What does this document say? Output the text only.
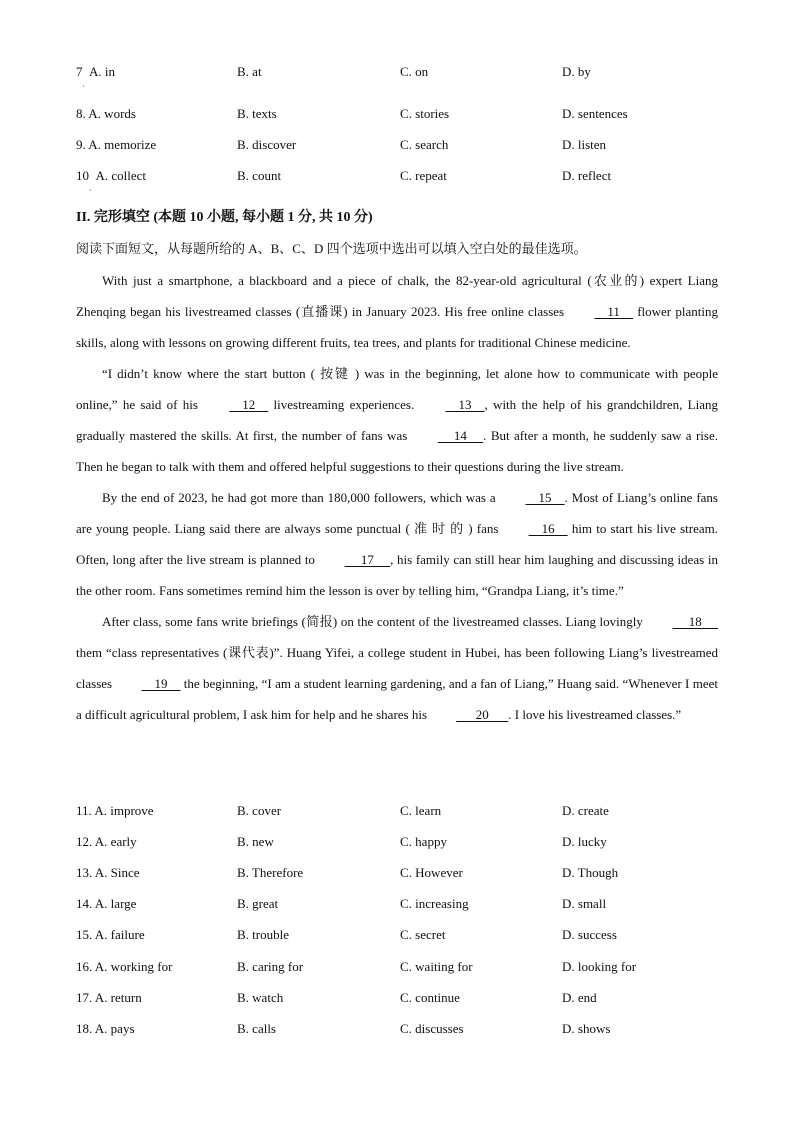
7 A. in	B. at	C. on	D. by
·
8. A. words	B. texts	C. stories	D. sentences
9. A. memorize	B. discover	C. search	D. listen
10 A. collect	B. count	C. repeat	D. reflect
·
II. 完形填空 (本题 10 小题, 每小题 1 分, 共 10 分)
阅读下面短文，从每题所给的 A、B、C、D 四个选项中选出可以填入空白处的最佳选项。

With just a smartphone, a blackboard and a piece of chalk, the 82-year-old agricultural (农业的) expert Liang Zhenqing began his livestreamed classes (直播课) in January 2023. His free online classes     11     flower planting skills, along with lessons on growing different fruits, tea trees, and plants for traditional Chinese medicine.

“I didn’t know where the start button ( 按键 ) was in the beginning, let alone how to communicate with people online,” he said of his     12     livestreaming experiences.     13    , with the help of his grandchildren, Liang gradually mastered the skills. At first, the number of fans was      14     . But after a month, he suddenly saw a rise. Then he began to talk with them and offered helpful suggestions to their questions during the live stream.

By the end of 2023, he had got more than 180,000 followers, which was a     15    . Most of Liang’s online fans are young people. Liang said there are always some punctual ( 准 时 的 ) fans     16     him to start his live stream. Often, long after the live stream is planned to      17     , his family can still hear him laughing and discussing ideas in the other room. Fans sometimes remind him the lesson is over by telling him, “Grandpa Liang, it’s time.”

After class, some fans write briefings (简报) on the content of the livestreamed classes. Liang lovingly      18      them “class representatives (课代表)”. Huang Yifei, a college student in Hubei, has been following Liang’s livestreamed classes     19     the beginning, “I am a student learning gardening, and a fan of Liang,” Huang said. “Whenever I meet a difficult agricultural problem, I ask him for help and he shares his       20      . I love his livestreamed classes.”

11. A. improve	B. cover	C. learn	D. create
12. A. early	B. new	C. happy	D. lucky
13. A. Since	B. Therefore	C. However	D. Though
14. A. large	B. great	C. increasing	D. small
15. A. failure	B. trouble	C. secret	D. success
16. A. working for	B. caring for	C. waiting for	D. looking for
17. A. return	B. watch	C. continue	D. end
18. A. pays	B. calls	C. discusses	D. shows
